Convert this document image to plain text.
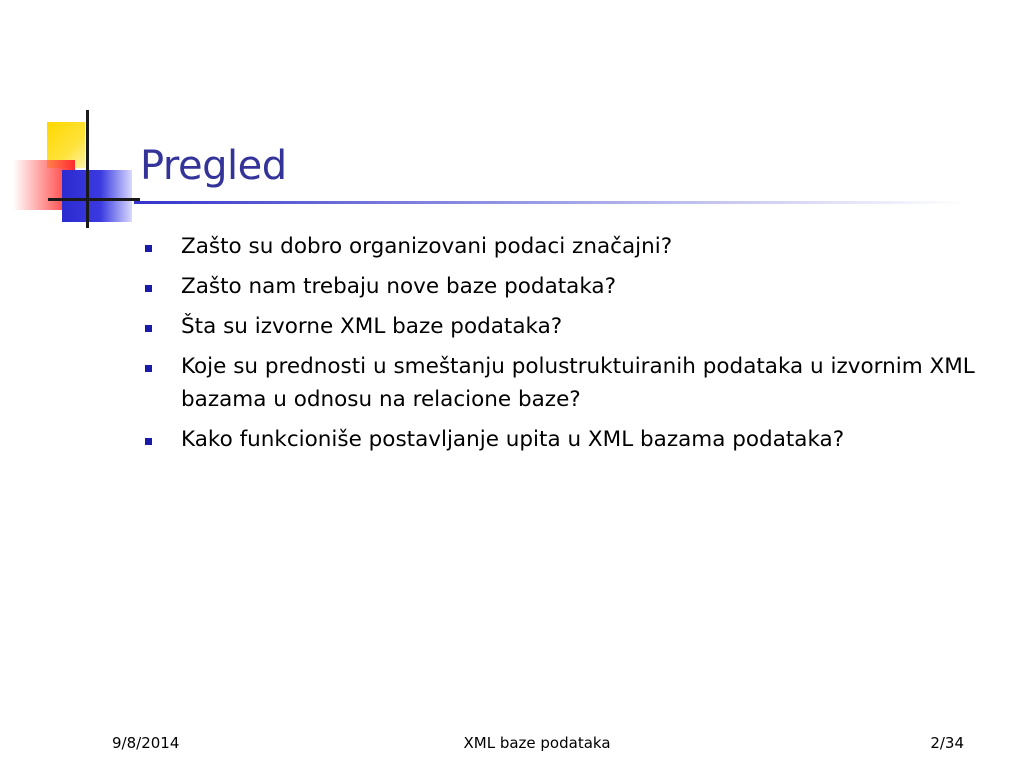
Pregled
Zašto su dobro organizovani podaci značajni?
Zašto nam trebaju nove baze podataka?
Šta su izvorne XML baze podataka?
Koje su prednosti u smeštanju polustruktuiranih podataka u izvornim XML bazama u odnosu na relacione baze?
Kako funkcioniše postavljanje upita u XML bazama podataka?
9/8/2014	XML baze podataka	2/34
